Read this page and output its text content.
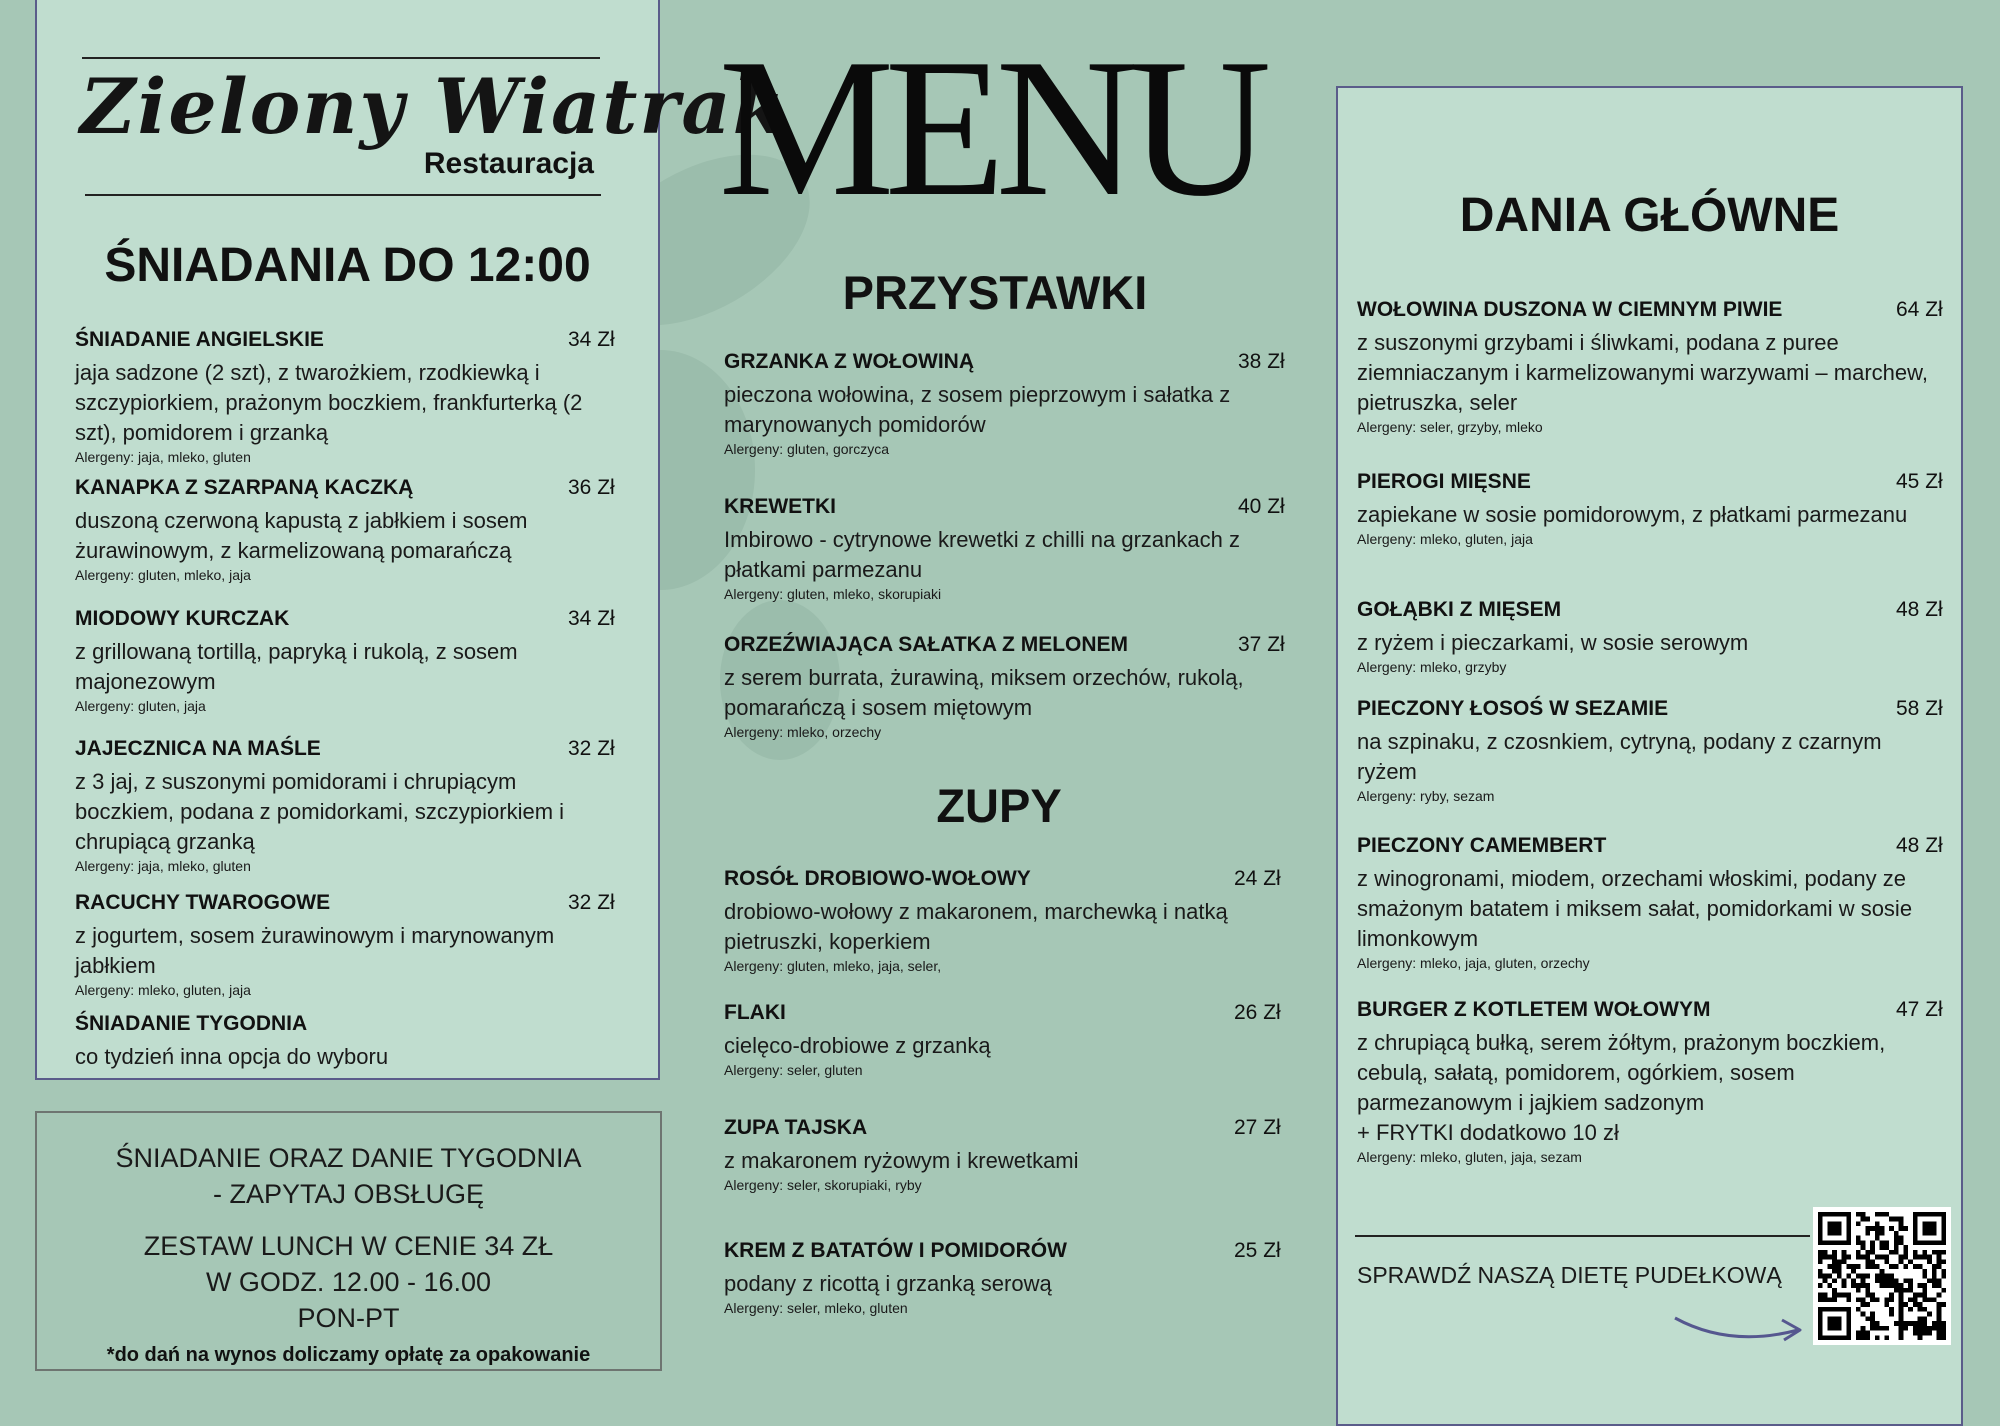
Zielony Wiatrak
Restauracja
ŚNIADANIA DO 12:00
ŚNIADANIE ANGIELSKIE	34 Zł
jaja sadzone (2 szt), z twarożkiem, rzodkiewką i szczypiorkiem, prażonym boczkiem, frankfurterką (2 szt), pomidorem i grzanką
Alergeny: jaja, mleko, gluten
KANAPKA Z SZARPANĄ KACZKĄ	36 Zł
duszoną czerwoną kapustą z jabłkiem i sosem żurawinowym, z karmelizowaną pomarańczą
Alergeny: gluten, mleko, jaja
MIODOWY KURCZAK	34 Zł
z grillowaną tortillą, papryką i rukolą, z sosem majonezowym
Alergeny: gluten, jaja
JAJECZNICA NA MAŚLE	32 Zł
z 3 jaj, z suszonymi pomidorami i chrupiącym boczkiem, podana z pomidorkami, szczypiorkiem i chrupiącą grzanką
Alergeny: jaja, mleko, gluten
RACUCHY TWAROGOWE	32 Zł
z jogurtem, sosem żurawinowym i marynowanym jabłkiem
Alergeny: mleko, gluten, jaja
ŚNIADANIE TYGODNIA
co tydzień inna opcja do wyboru
ŚNIADANIE ORAZ DANIE TYGODNIA
- ZAPYTAJ OBSŁUGĘ
ZESTAW LUNCH W CENIE 34 ZŁ
W GODZ. 12.00 - 16.00
PON-PT
*do dań na wynos doliczamy opłatę za opakowanie
MENU
PRZYSTAWKI
GRZANKA Z WOŁOWINĄ	38 Zł
pieczona wołowina, z sosem pieprzowym i sałatka z marynowanych pomidorów
Alergeny: gluten, gorczyca
KREWETKI	40 Zł
Imbirowo - cytrynowe krewetki z chilli na grzankach z płatkami parmezanu
Alergeny: gluten, mleko, skorupiaki
ORZEŹWIAJĄCA SAŁATKA Z MELONEM	37 Zł
z serem burrata, żurawiną, miksem orzechów, rukolą, pomarańczą i sosem miętowym
Alergeny: mleko, orzechy
ZUPY
ROSÓŁ DROBIOWO-WOŁOWY	24 Zł
drobiowo-wołowy z makaronem, marchewką i natką pietruszki, koperkiem
Alergeny: gluten, mleko, jaja, seler,
FLAKI	26 Zł
cielęco-drobiowe z grzanką
Alergeny: seler, gluten
ZUPA TAJSKA	27 Zł
z makaronem ryżowym i krewetkami
Alergeny: seler, skorupiaki, ryby
KREM Z BATATÓW I POMIDORÓW	25 Zł
podany z ricottą i grzanką serową
Alergeny: seler, mleko, gluten
DANIA GŁÓWNE
WOŁOWINA DUSZONA W CIEMNYM PIWIE	64 Zł
z suszonymi grzybami i śliwkami, podana z puree ziemniaczanym i karmelizowanymi warzywami – marchew, pietruszka, seler
Alergeny: seler, grzyby, mleko
PIEROGI MIĘSNE	45 Zł
zapiekane w sosie pomidorowym, z płatkami parmezanu
Alergeny: mleko, gluten, jaja
GOŁĄBKI Z MIĘSEM	48 Zł
z ryżem i pieczarkami, w sosie serowym
Alergeny: mleko, grzyby
PIECZONY ŁOSOŚ W SEZAMIE	58 Zł
na szpinaku, z czosnkiem, cytryną, podany z czarnym ryżem
Alergeny: ryby, sezam
PIECZONY CAMEMBERT	48 Zł
z winogronami, miodem, orzechami włoskimi, podany ze smażonym batatem i miksem sałat, pomidorkami w sosie limonkowym
Alergeny: mleko, jaja, gluten, orzechy
BURGER Z KOTLETEM WOŁOWYM	47 Zł
z chrupiącą bułką, serem żółtym, prażonym boczkiem, cebulą, sałatą, pomidorem, ogórkiem, sosem parmezanowym i jajkiem sadzonym
+ FRYTKI dodatkowo 10 zł
Alergeny: mleko, gluten, jaja, sezam
SPRAWDŹ NASZĄ DIETĘ PUDEŁKOWĄ
